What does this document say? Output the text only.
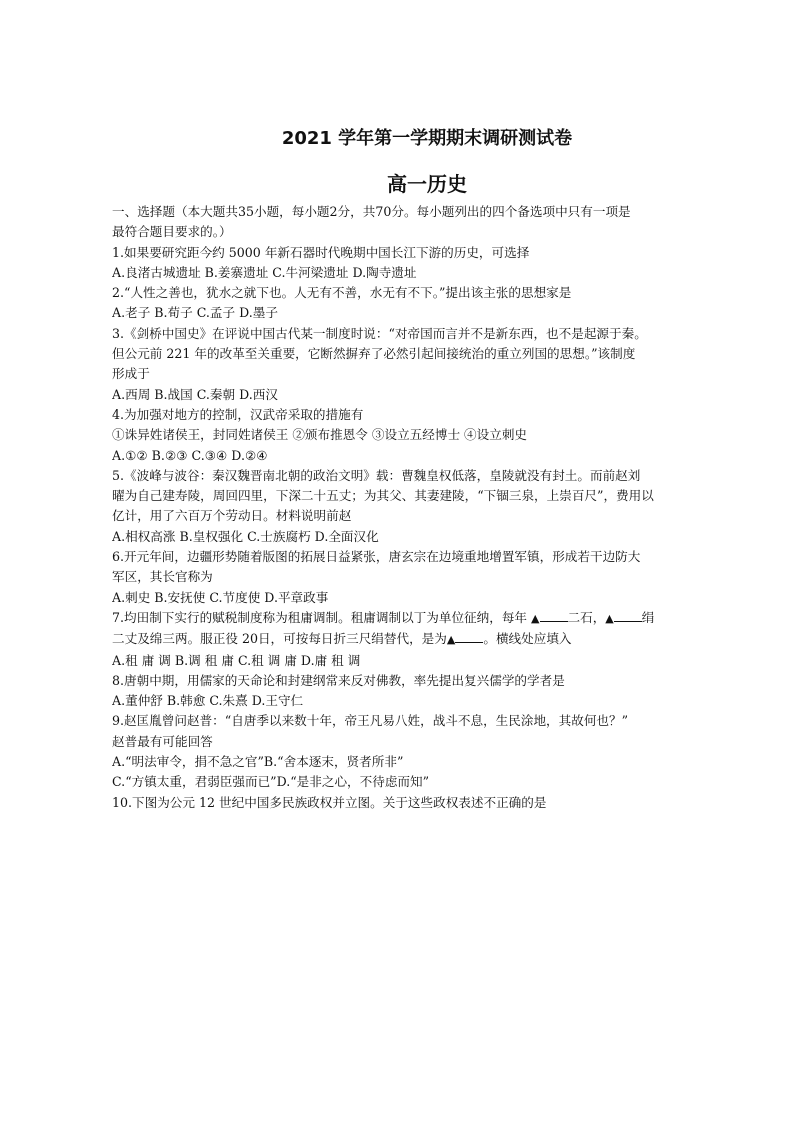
2021 学年第一学期期末调研测试卷
高一历史

一、选择题（本大题共35小题，每小题2分，共70分。每小题列出的四个备选项中只有一项是

最符合题目要求的。）

1.如果要研究距今约 5000 年新石器时代晚期中国长江下游的历史，可选择

A.良渚古城遗址 B.姜寨遗址 C.牛河梁遗址 D.陶寺遗址

2.“人性之善也，犹水之就下也。人无有不善，水无有不下。”提出该主张的思想家是

A.老子 B.荀子 C.孟子 D.墨子

3.《剑桥中国史》在评说中国古代某一制度时说：“对帝国而言并不是新东西，也不是起源于秦。

但公元前 221 年的改革至关重要，它断然摒弃了必然引起间接统治的重立列国的思想。”该制度

形成于

A.西周 B.战国 C.秦朝 D.西汉

4.为加强对地方的控制，汉武帝采取的措施有

①诛异姓诸侯王，封同姓诸侯王 ②颁布推恩令 ③设立五经博士 ④设立刺史

A.①② B.②③ C.③④ D.②④

5.《波峰与波谷：秦汉魏晋南北朝的政治文明》载：曹魏皇权低落，皇陵就没有封土。而前赵刘

曜为自己建寿陵，周回四里，下深二十五丈；为其父、其妻建陵，“下锢三泉，上崇百尺”，费用以

亿计，用了六百万个劳动日。材料说明前赵

A.相权高涨 B.皇权强化 C.士族腐朽 D.全面汉化

6.开元年间，边疆形势随着版图的拓展日益紧张，唐玄宗在边境重地增置军镇，形成若干边防大

军区，其长官称为

A.刺史 B.安抚使 C.节度使 D.平章政事

7.均田制下实行的赋税制度称为租庸调制。租庸调制以丁为单位征纳，每年 ▲ 二石，▲ 绢

二丈及绵三两。服正役 20日，可按每日折三尺绢替代，是为▲ 。横线处应填入

A.租 庸 调 B.调 租 庸 C.租 调 庸 D.庸 租 调

8.唐朝中期，用儒家的天命论和封建纲常来反对佛教，率先提出复兴儒学的学者是

A.董仲舒 B.韩愈 C.朱熹 D.王守仁

9.赵匡胤曾问赵普：“自唐季以来数十年，帝王凡易八姓，战斗不息，生民涂地，其故何也？”

赵普最有可能回答

A.“明法审令，捐不急之官”B.“舍本逐末，贤者所非”

C.“方镇太重，君弱臣强而已”D.“是非之心，不待虑而知”

10.下图为公元 12 世纪中国多民族政权并立图。关于这些政权表述不正确的是
